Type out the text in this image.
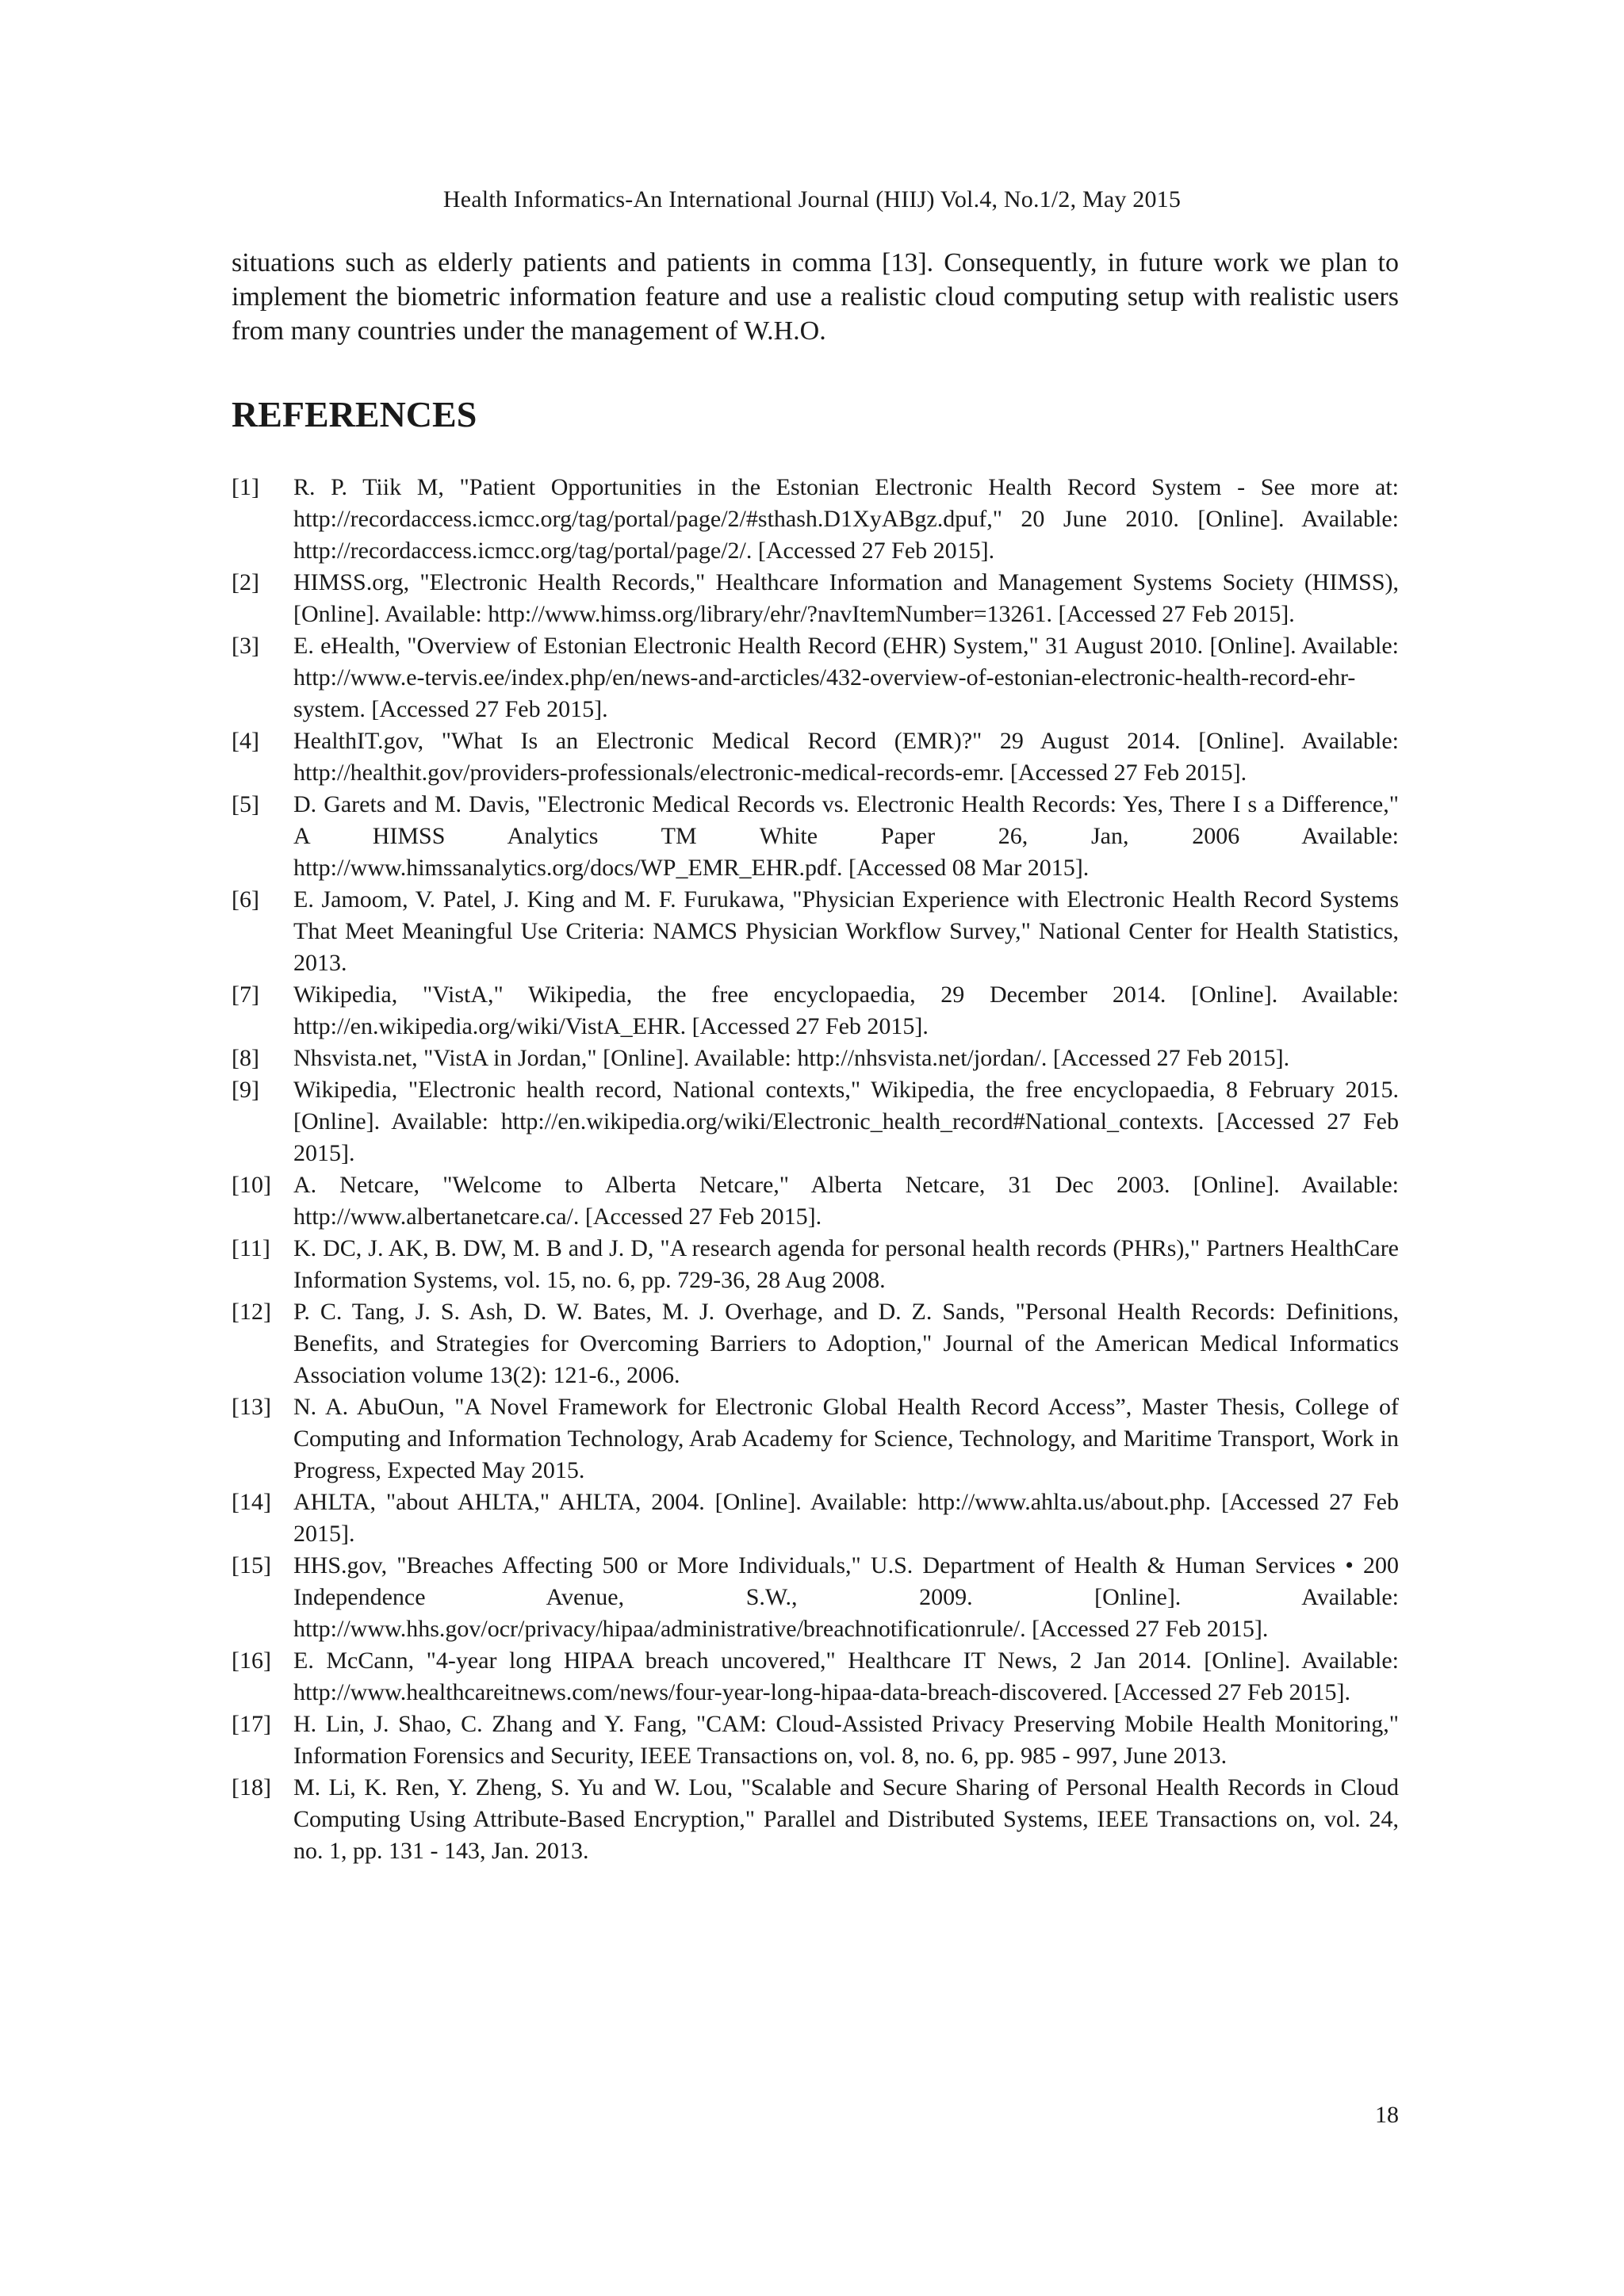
Health Informatics-An International Journal (HIIJ) Vol.4, No.1/2, May 2015

situations such as elderly patients and patients in comma [13]. Consequently, in future work we plan to implement the biometric information feature and use a realistic cloud computing setup with realistic users from many countries under the management of W.H.O.

REFERENCES
[1]	R. P. Tiik M, "Patient Opportunities in the Estonian Electronic Health Record System - See more at: http://recordaccess.icmcc.org/tag/portal/page/2/#sthash.D1XyABgz.dpuf," 20 June 2010. [Online]. Available: http://recordaccess.icmcc.org/tag/portal/page/2/. [Accessed 27 Feb 2015].
[2]	HIMSS.org, "Electronic Health Records," Healthcare Information and Management Systems Society (HIMSS), [Online]. Available: http://www.himss.org/library/ehr/?navItemNumber=13261. [Accessed 27 Feb 2015].
[3]	E. eHealth, "Overview of Estonian Electronic Health Record (EHR) System," 31 August 2010. [Online]. Available: http://www.e-tervis.ee/index.php/en/news-and-arcticles/432-overview-of-estonian-electronic-health-record-ehr-system. [Accessed 27 Feb 2015].
[4]	HealthIT.gov, "What Is an Electronic Medical Record (EMR)?" 29 August 2014. [Online]. Available: http://healthit.gov/providers-professionals/electronic-medical-records-emr. [Accessed 27 Feb 2015].
[5]	D. Garets and M. Davis, "Electronic Medical Records vs. Electronic Health Records: Yes, There I s a Difference," A HIMSS Analytics TM White Paper 26, Jan, 2006 Available: http://www.himssanalytics.org/docs/WP_EMR_EHR.pdf. [Accessed 08 Mar 2015].
[6]	E. Jamoom, V. Patel, J. King and M. F. Furukawa, "Physician Experience with Electronic Health Record Systems That Meet Meaningful Use Criteria: NAMCS Physician Workflow Survey," National Center for Health Statistics, 2013.
[7]	Wikipedia, "VistA," Wikipedia, the free encyclopaedia, 29 December 2014. [Online]. Available: http://en.wikipedia.org/wiki/VistA_EHR. [Accessed 27 Feb 2015].
[8]	Nhsvista.net, "VistA in Jordan," [Online]. Available: http://nhsvista.net/jordan/. [Accessed 27 Feb 2015].
[9]	Wikipedia, "Electronic health record, National contexts," Wikipedia, the free encyclopaedia, 8 February 2015. [Online]. Available: http://en.wikipedia.org/wiki/Electronic_health_record#National_contexts. [Accessed 27 Feb 2015].
[10] A. Netcare, "Welcome to Alberta Netcare," Alberta Netcare, 31 Dec 2003. [Online]. Available: http://www.albertanetcare.ca/. [Accessed 27 Feb 2015].
[11] K. DC, J. AK, B. DW, M. B and J. D, "A research agenda for personal health records (PHRs)," Partners HealthCare Information Systems, vol. 15, no. 6, pp. 729-36, 28 Aug 2008.
[12] P. C. Tang, J. S. Ash, D. W. Bates, M. J. Overhage, and D. Z. Sands, "Personal Health Records: Definitions, Benefits, and Strategies for Overcoming Barriers to Adoption," Journal of the American Medical Informatics Association volume 13(2): 121-6., 2006.
[13] N. A. AbuOun, "A Novel Framework for Electronic Global Health Record Access”, Master Thesis, College of Computing and Information Technology, Arab Academy for Science, Technology, and Maritime Transport, Work in Progress, Expected May 2015.
[14] AHLTA, "about AHLTA," AHLTA, 2004. [Online]. Available: http://www.ahlta.us/about.php. [Accessed 27 Feb 2015].
[15] HHS.gov, "Breaches Affecting 500 or More Individuals," U.S. Department of Health & Human Services • 200 Independence Avenue, S.W., 2009. [Online]. Available: http://www.hhs.gov/ocr/privacy/hipaa/administrative/breachnotificationrule/. [Accessed 27 Feb 2015].
[16] E. McCann, "4-year long HIPAA breach uncovered," Healthcare IT News, 2 Jan 2014. [Online]. Available: http://www.healthcareitnews.com/news/four-year-long-hipaa-data-breach-discovered. [Accessed 27 Feb 2015].
[17] H. Lin, J. Shao, C. Zhang and Y. Fang, "CAM: Cloud-Assisted Privacy Preserving Mobile Health Monitoring," Information Forensics and Security, IEEE Transactions on, vol. 8, no. 6, pp. 985 - 997, June 2013.
[18] M. Li, K. Ren, Y. Zheng, S. Yu and W. Lou, "Scalable and Secure Sharing of Personal Health Records in Cloud Computing Using Attribute-Based Encryption," Parallel and Distributed Systems, IEEE Transactions on, vol. 24, no. 1, pp. 131 - 143, Jan. 2013.
18
